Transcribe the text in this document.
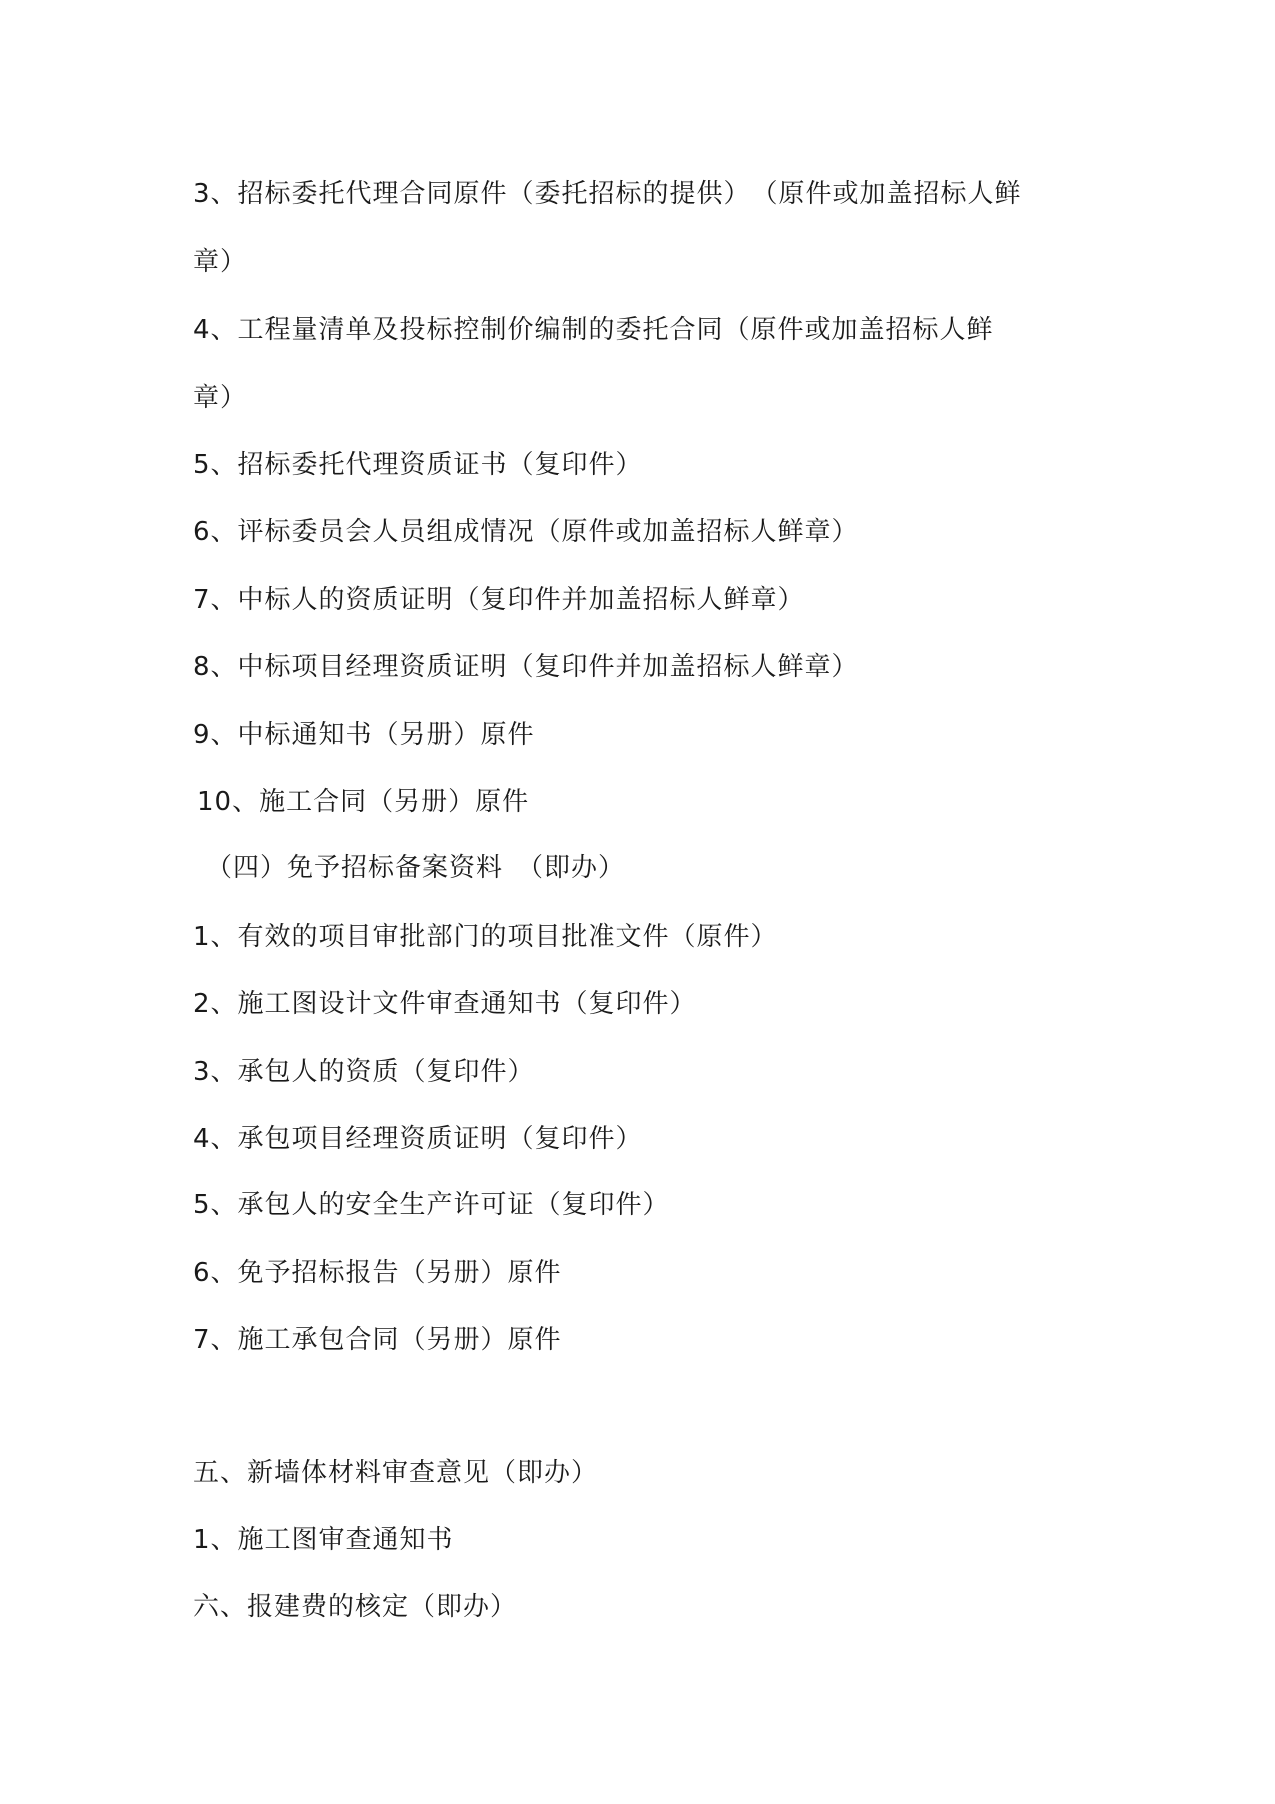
3、招标委托代理合同原件（委托招标的提供）　（原件或加盖招标人鲜
章）
4、工程量清单及投标控制价编制的委托合同（原件或加盖招标人鲜
章）
5、招标委托代理资质证书（复印件）
6、评标委员会人员组成情况（原件或加盖招标人鲜章）
7、中标人的资质证明（复印件并加盖招标人鲜章）
8、中标项目经理资质证明（复印件并加盖招标人鲜章）
9、中标通知书（另册）原件
10、施工合同（另册）原件
（四）免予招标备案资料　（即办）
1、有效的项目审批部门的项目批准文件（原件）
2、施工图设计文件审查通知书（复印件）
3、承包人的资质（复印件）
4、承包项目经理资质证明（复印件）
5、承包人的安全生产许可证（复印件）
6、免予招标报告（另册）原件
7、施工承包合同（另册）原件
五、新墙体材料审查意见（即办）
1、施工图审查通知书
六、报建费的核定（即办）
